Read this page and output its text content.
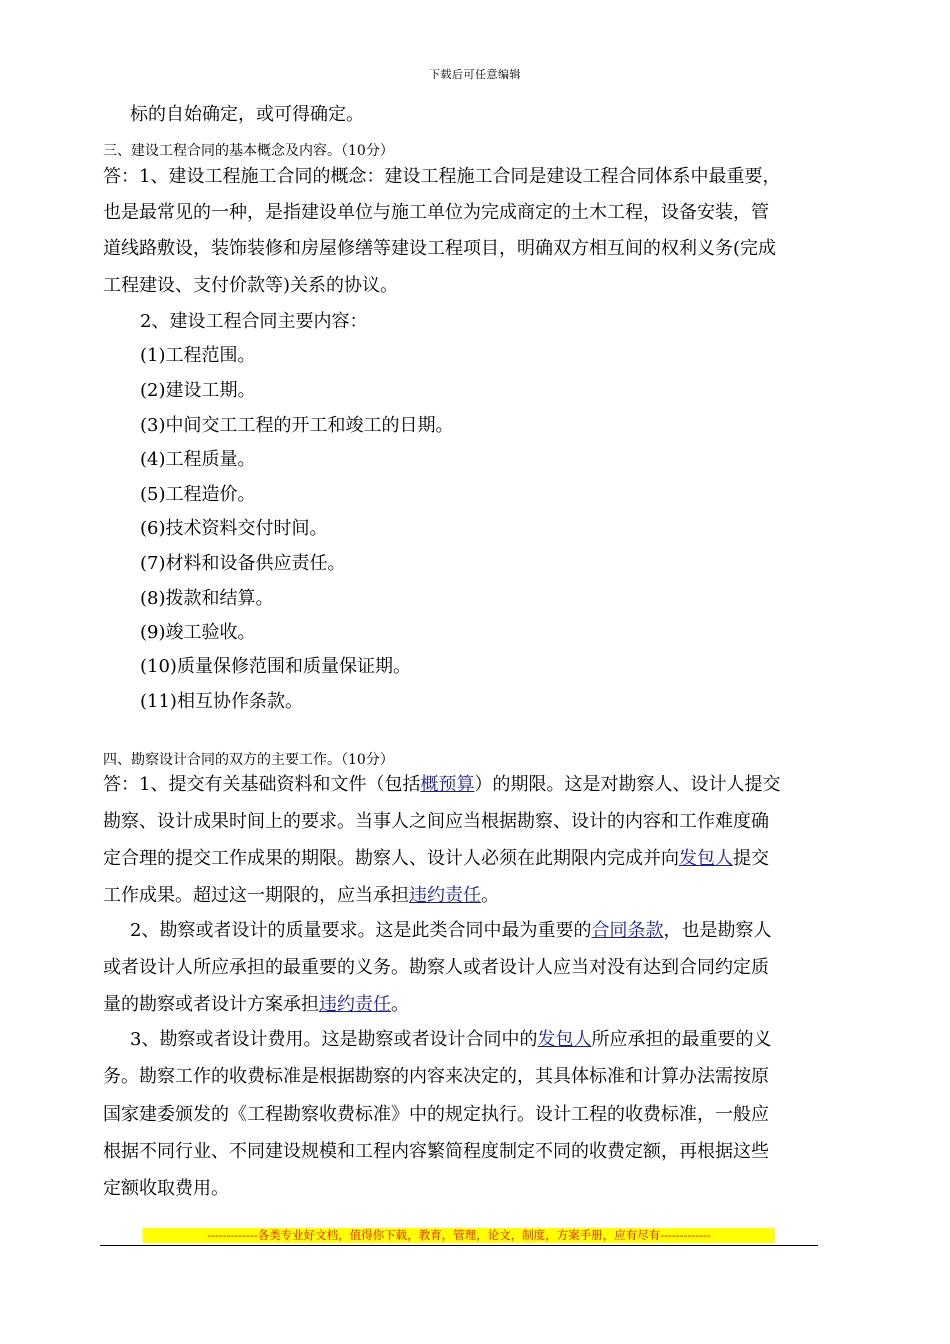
下载后可任意编辑
标的自始确定，或可得确定。
三、建设工程合同的基本概念及内容。（10分）
答：1、建设工程施工合同的概念：建设工程施工合同是建设工程合同体系中最重要，
也是最常见的一种，是指建设单位与施工单位为完成商定的土木工程，设备安装，管
道线路敷设，装饰装修和房屋修缮等建设工程项目，明确双方相互间的权利义务(完成
工程建设、支付价款等)关系的协议。
2、建设工程合同主要内容：
(1)工程范围。
(2)建设工期。
(3)中间交工工程的开工和竣工的日期。
(4)工程质量。
(5)工程造价。
(6)技术资料交付时间。
(7)材料和设备供应责任。
(8)拨款和结算。
(9)竣工验收。
(10)质量保修范围和质量保证期。
(11)相互协作条款。
四、勘察设计合同的双方的主要工作。（10分）
答：1、提交有关基础资料和文件（包括概预算）的期限。这是对勘察人、设计人提交
勘察、设计成果时间上的要求。当事人之间应当根据勘察、设计的内容和工作难度确
定合理的提交工作成果的期限。勘察人、设计人必须在此期限内完成并向发包人提交
工作成果。超过这一期限的，应当承担违约责任。
2、勘察或者设计的质量要求。这是此类合同中最为重要的合同条款，也是勘察人
或者设计人所应承担的最重要的义务。勘察人或者设计人应当对没有达到合同约定质
量的勘察或者设计方案承担违约责任。
3、勘察或者设计费用。这是勘察或者设计合同中的发包人所应承担的最重要的义
务。勘察工作的收费标准是根据勘察的内容来决定的，其具体标准和计算办法需按原
国家建委颁发的《工程勘察收费标准》中的规定执行。设计工程的收费标准，一般应
根据不同行业、不同建设规模和工程内容繁简程度制定不同的收费定额，再根据这些
定额收取费用。
-------------各类专业好文档，值得你下载，教育，管理，论文，制度，方案手册，应有尽有-------------
